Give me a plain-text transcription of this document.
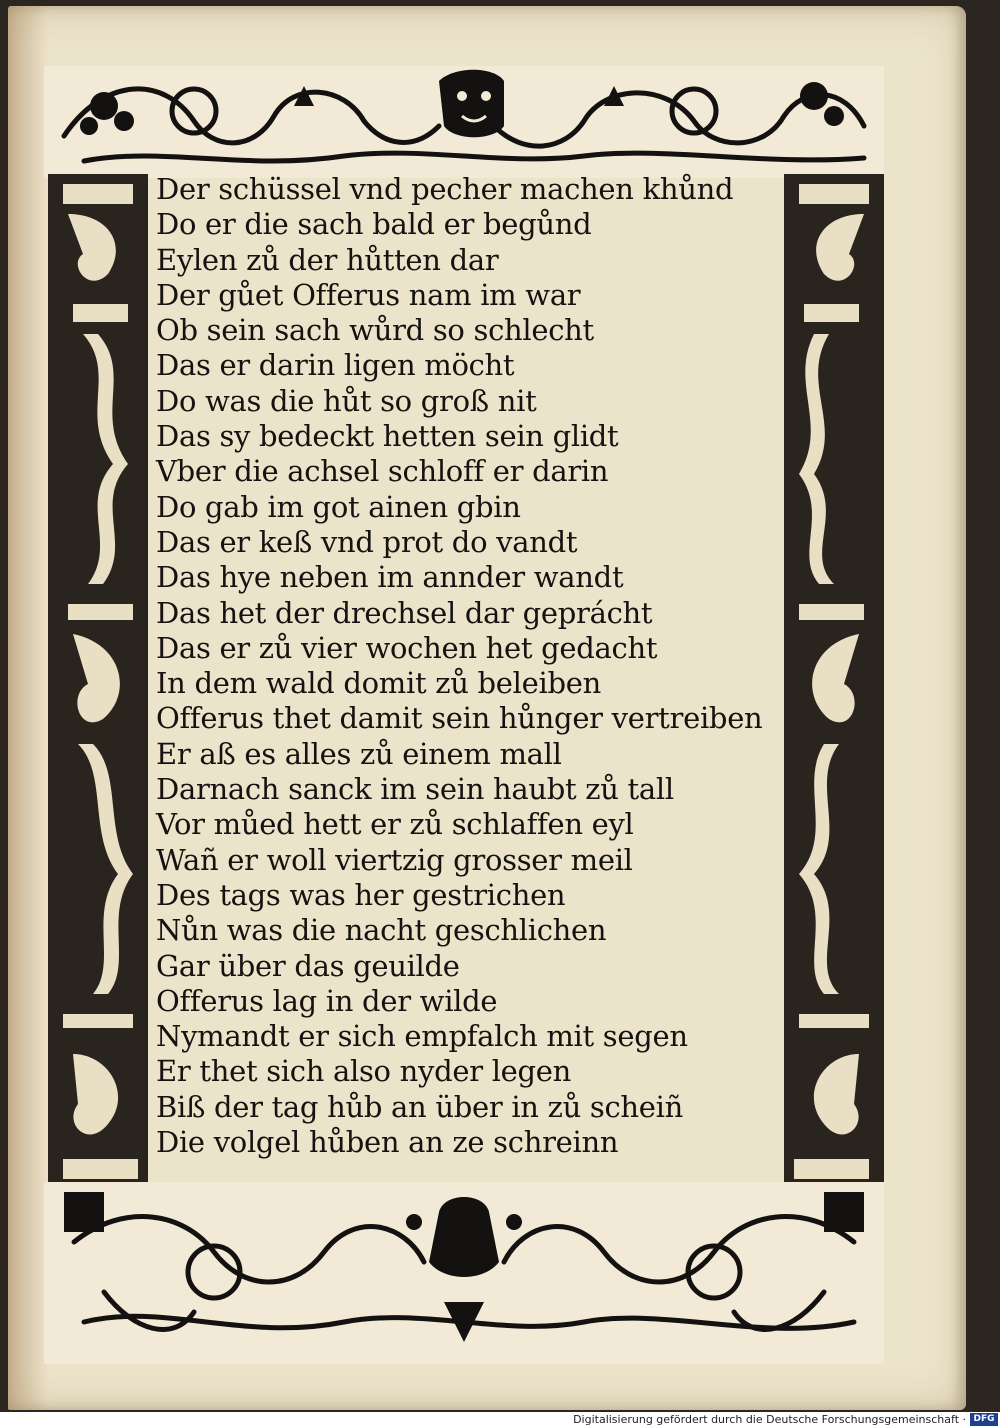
Der schüssel vnd pecher machen khůnd
Do er die sach bald er begůnd
Eylen zů der hůtten dar
Der gůet Offerus nam im war
Ob sein sach wůrd so schlecht
Das er darin ligen möcht
Do was die hůt so groß nit
Das sy bedeckt hetten sein glidt
Vber die achsel schloff er darin
Do gab im got ainen gbin
Das er keß vnd prot do vandt
Das hye neben im annder wandt
Das het der drechsel dar geprácht
Das er zů vier wochen het gedacht
In dem wald domit zů beleiben
Offerus thet damit sein hůnger vertreiben
Er aß es alles zů einem mall
Darnach sanck im sein haubt zů tall
Vor můed hett er zů schlaffen eyl
Wañ er woll viertzig grosser meil
Des tags was her gestrichen
Nůn was die nacht geschlichen
Gar über das geuilde
Offerus lag in der wilde
Nymandt er sich empfalch mit segen
Er thet sich also nyder legen
Biß der tag hůb an über in zů scheiñ
Die volgel hůben an ze schreinn
Digitalisierung gefördert durch die Deutsche Forschungsgemeinschaft · DFG
